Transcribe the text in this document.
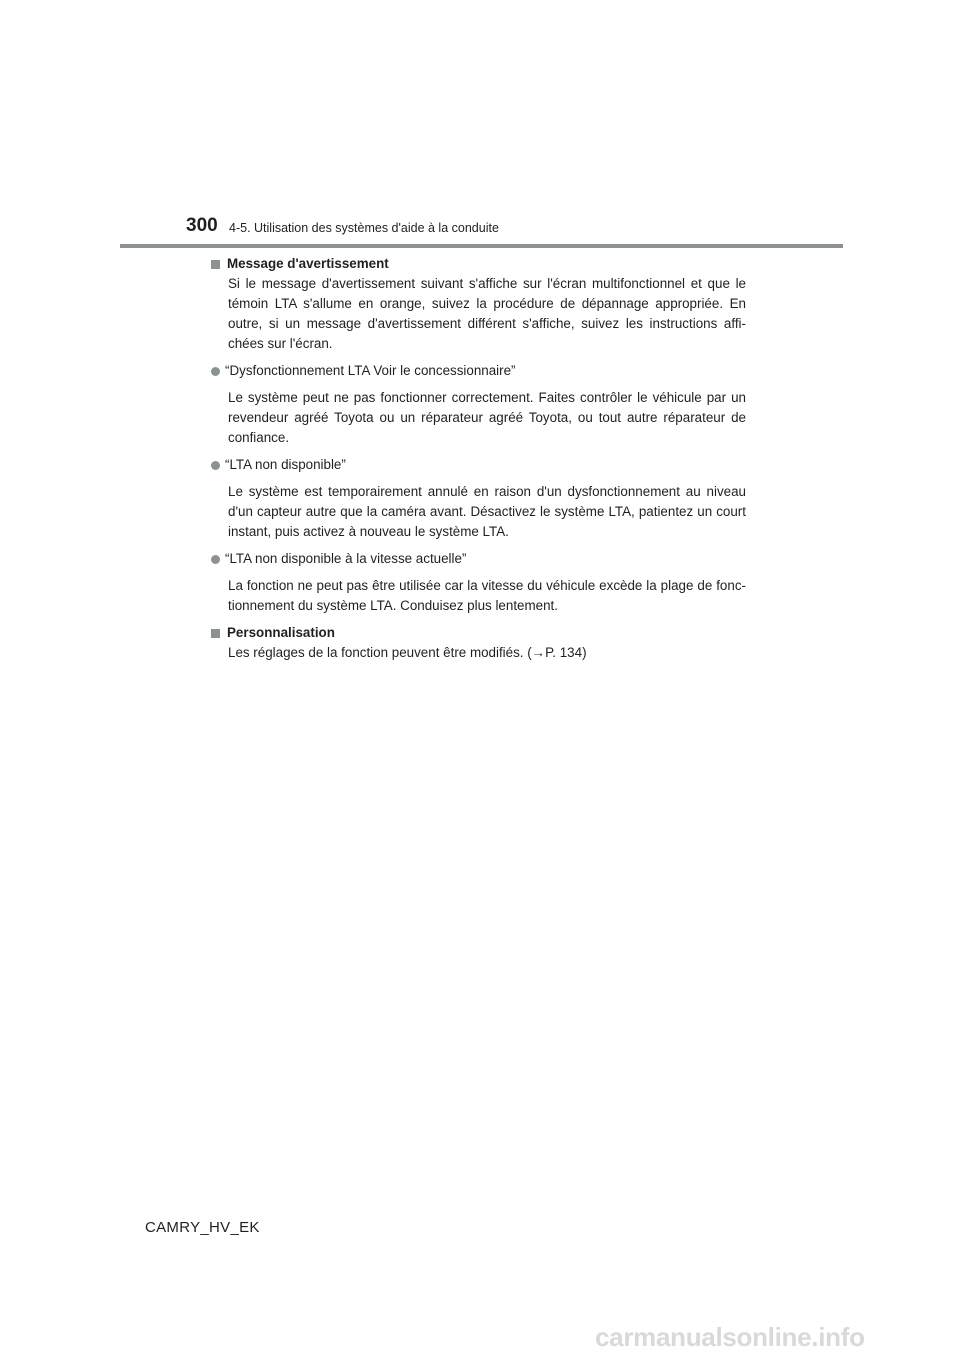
300 4-5. Utilisation des systèmes d'aide à la conduite
Message d'avertissement

Si le message d'avertissement suivant s'affiche sur l'écran multifonctionnel et que le témoin LTA s'allume en orange, suivez la procédure de dépannage appropriée. En outre, si un message d'avertissement différent s'affiche, suivez les instructions affi-chées sur l'écran.

“Dysfonctionnement LTA Voir le concessionnaire”

Le système peut ne pas fonctionner correctement. Faites contrôler le véhicule par un revendeur agréé Toyota ou un réparateur agréé Toyota, ou tout autre réparateur de confiance.

“LTA non disponible”

Le système est temporairement annulé en raison d'un dysfonctionnement au niveau d'un capteur autre que la caméra avant. Désactivez le système LTA, patientez un court instant, puis activez à nouveau le système LTA.

“LTA non disponible à la vitesse actuelle”

La fonction ne peut pas être utilisée car la vitesse du véhicule excède la plage de fonc-tionnement du système LTA. Conduisez plus lentement.

Personnalisation

Les réglages de la fonction peuvent être modifiés. (→P. 134)

CAMRY_HV_EK
carmanualsonline.info
